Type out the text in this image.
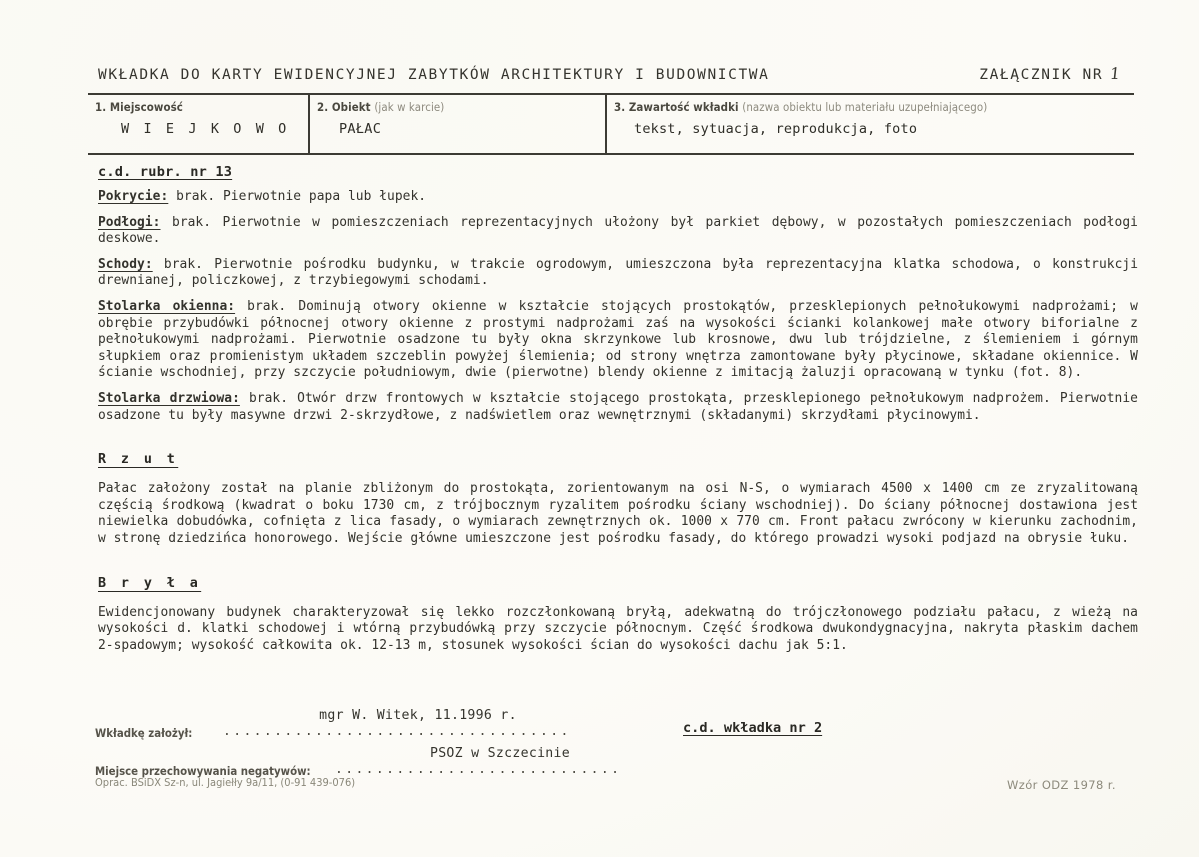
WKŁADKA DO KARTY EWIDENCYJNEJ ZABYTKÓW ARCHITEKTURY I BUDOWNICTWA	ZAŁĄCZNIK NR 1
1. Miejscowość
W I E J K O W O
2. Obiekt (jak w karcie)
PAŁAC
3. Zawartość wkładki (nazwa obiektu lub materiału uzupełniającego)
tekst, sytuacja, reprodukcja, foto
c.d. rubr. nr 13

Pokrycie: brak. Pierwotnie papa lub łupek.

Podłogi: brak. Pierwotnie w pomieszczeniach reprezentacyjnych ułożony był parkiet dębowy, w pozostałych pomieszczeniach podłogi deskowe.

Schody: brak. Pierwotnie pośrodku budynku, w trakcie ogrodowym, umieszczona była reprezentacyjna klatka schodowa, o konstrukcji drewnianej, policzkowej, z trzybiegowymi schodami.

Stolarka okienna: brak. Dominują otwory okienne w kształcie stojących prostokątów, przesklepionych pełnołukowymi nadprożami; w obrębie przybudówki północnej otwory okienne z prostymi nadprożami zaś na wysokości ścianki kolankowej małe otwory biforialne z pełnołukowymi nadprożami. Pierwotnie osadzone tu były okna skrzynkowe lub krosnowe, dwu lub trójdzielne, z ślemieniem i górnym słupkiem oraz promienistym układem szczeblin powyżej ślemienia; od strony wnętrza zamontowane były płycinowe, składane okiennice. W ścianie wschodniej, przy szczycie południowym, dwie (pierwotne) blendy okienne z imitacją żaluzji opracowaną w tynku (fot. 8).

Stolarka drzwiowa: brak. Otwór drzw frontowych w kształcie stojącego prostokąta, przesklepionego pełnołukowym nadprożem. Pierwotnie osadzone tu były masywne drzwi 2-skrzydłowe, z nadświetlem oraz wewnętrznymi (składanymi) skrzydłami płycinowymi.

R z u t

Pałac założony został na planie zbliżonym do prostokąta, zorientowanym na osi N-S, o wymiarach 4500 x 1400 cm ze zryzalitowaną częścią środkową (kwadrat o boku 1730 cm, z trójbocznym ryzalitem pośrodku ściany wschodniej). Do ściany północnej dostawiona jest niewielka dobudówka, cofnięta z lica fasady, o wymiarach zewnętrznych ok. 1000 x 770 cm. Front pałacu zwrócony w kierunku zachodnim, w stronę dziedzińca honorowego. Wejście główne umieszczone jest pośrodku fasady, do którego prowadzi wysoki podjazd na obrysie łuku.

B r y ł a

Ewidencjonowany budynek charakteryzował się lekko rozczłonkowaną bryłą, adekwatną do trójczłonowego podziału pałacu, z wieżą na wysokości d. klatki schodowej i wtórną przybudówką przy szczycie północnym. Część środkowa dwukondygnacyjna, nakryta płaskim dachem 2-spadowym; wysokość całkowita ok. 12-13 m, stosunek wysokości ścian do wysokości dachu jak 5:1.

Wkładkę założył:
mgr W. Witek, 11.1996 r.
..................................	c.d. wkładka nr 2
Miejsce przechowywania negatywów:
PSOZ w Szczecinie
............................
Oprac. BSiDX Sz-n, ul. Jagiełły 9a/11, (0-91 439-076)	Wzór ODZ 1978 r.
